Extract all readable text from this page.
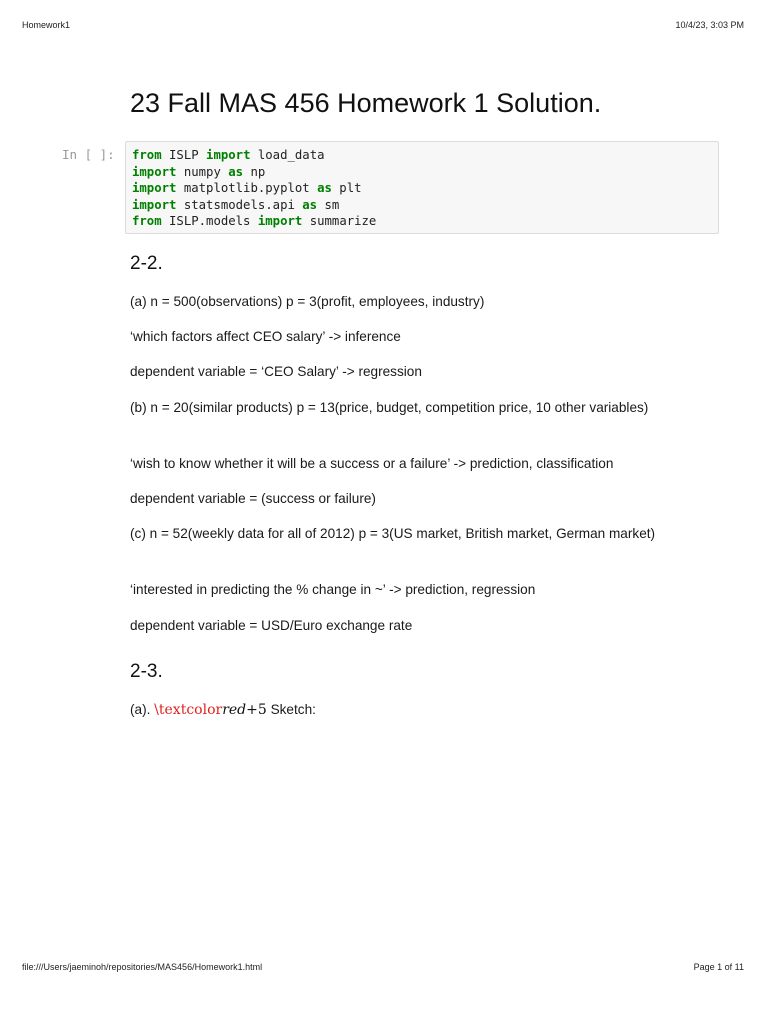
Homework1	10/4/23, 3:03 PM
23 Fall MAS 456 Homework 1 Solution.
In [ ]: from ISLP import load_data
import numpy as np
import matplotlib.pyplot as plt
import statsmodels.api as sm
from ISLP.models import summarize
2-2.

(a) n = 500(observations) p = 3(profit, employees, industry)

‘which factors affect CEO salary’ -> inference

dependent variable = ‘CEO Salary’ -> regression

(b) n = 20(similar products) p = 13(price, budget, competition price, 10 other variables)

‘wish to know whether it will be a success or a failure’ -> prediction, classification

dependent variable = (success or failure)

(c) n = 52(weekly data for all of 2012) p = 3(US market, British market, German market)

‘interested in predicting the % change in ~’ -> prediction, regression

dependent variable = USD/Euro exchange rate

2-3.

(a). \textcolorred+5 Sketch:

file:///Users/jaeminoh/repositories/MAS456/Homework1.html	Page 1 of 11
